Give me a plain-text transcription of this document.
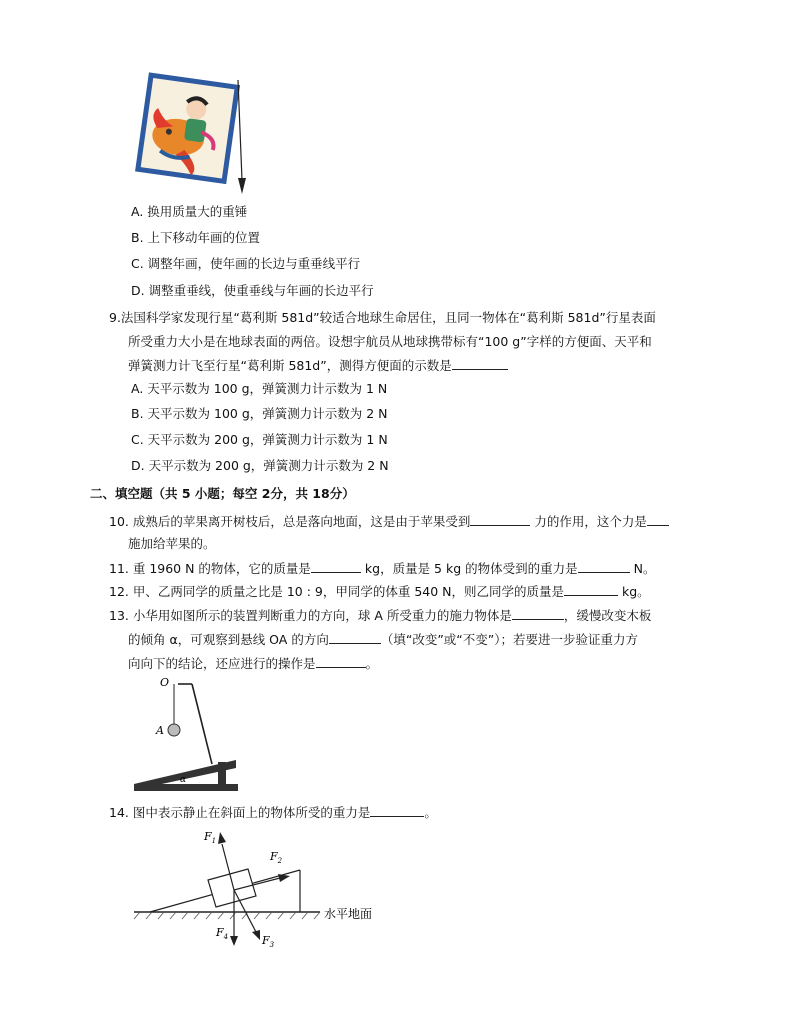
A. 换用质量大的重锤
B. 上下移动年画的位置
C. 调整年画，使年画的长边与重垂线平行
D. 调整重垂线，使重垂线与年画的长边平行
9.法国科学家发现行星“葛利斯 581d”较适合地球生命居住，且同一物体在“葛利斯 581d”行星表面
所受重力大小是在地球表面的两倍。设想宇航员从地球携带标有“100 g”字样的方便面、天平和
弹簧测力计飞至行星“葛利斯 581d”，测得方便面的示数是
A. 天平示数为 100 g，弹簧测力计示数为 1 N
B. 天平示数为 100 g，弹簧测力计示数为 2 N
C. 天平示数为 200 g，弹簧测力计示数为 1 N
D. 天平示数为 200 g，弹簧测力计示数为 2 N
二、填空题（共 5 小题；每空 2分，共 18分）
10. 成熟后的苹果离开树枝后，总是落向地面，这是由于苹果受到	力的作用，这个力是
施加给苹果的。
11. 重 1960 N 的物体，它的质量是	kg，质量是 5 kg 的物体受到的重力是	N。
12. 甲、乙两同学的质量之比是 10 : 9，甲同学的体重 540 N，则乙同学的质量是	kg。
13. 小华用如图所示的装置判断重力的方向，球 A 所受重力的施力物体是	，缓慢改变木板
的倾角 α，可观察到悬线 OA 的方向	（填“改变”或“不变”）；若要进一步验证重力方
向向下的结论，还应进行的操作是	。
O
A
α
14. 图中表示静止在斜面上的物体所受的重力是	。
$F_1$
$F_2$
$F_3$
$F_4$
水平地面
